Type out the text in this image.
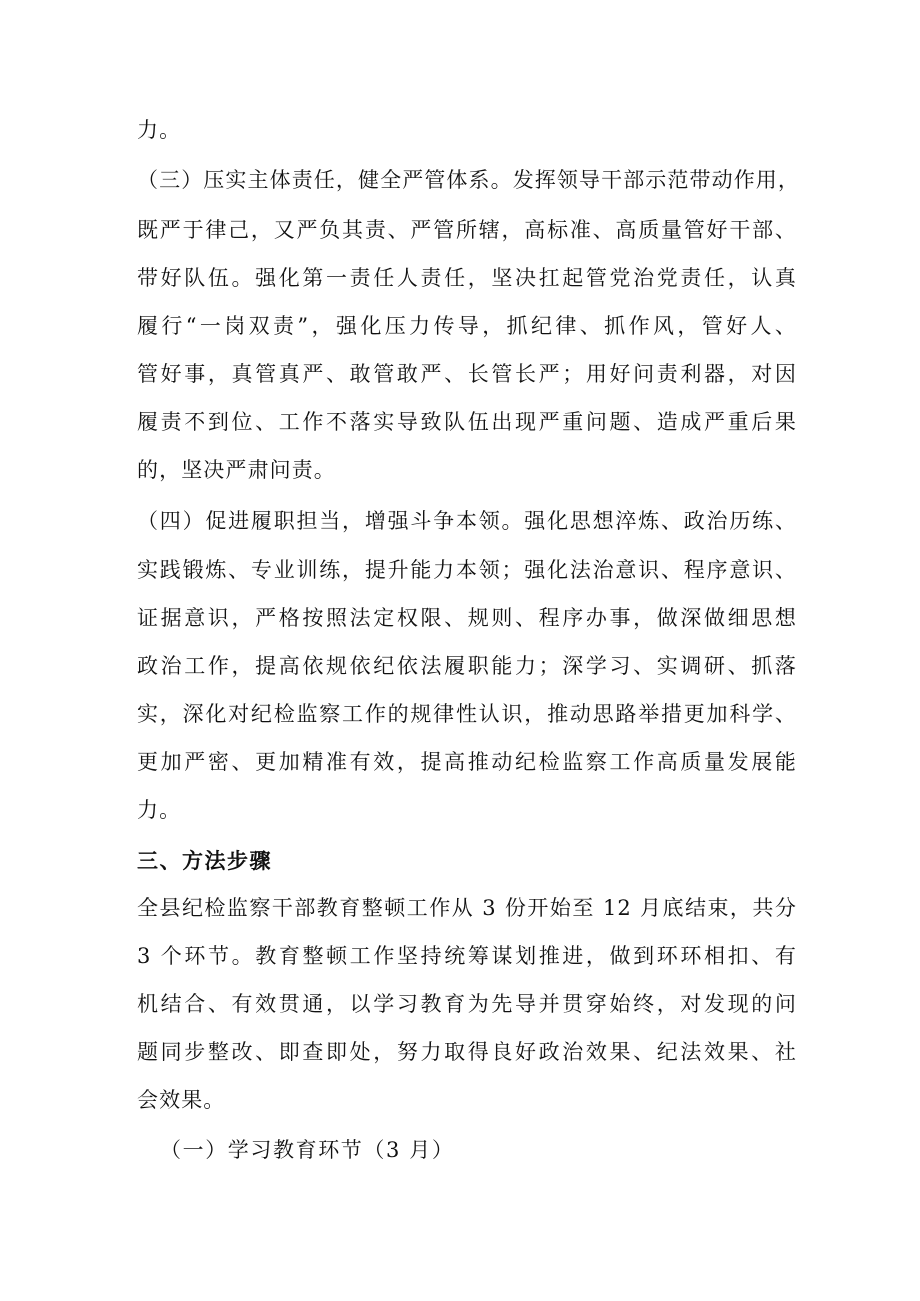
力。
（三）压实主体责任，健全严管体系。发挥领导干部示范带动作用，
既严于律己，又严负其责、严管所辖，高标准、高质量管好干部、
带好队伍。强化第一责任人责任，坚决扛起管党治党责任，认真
履行“一岗双责”，强化压力传导，抓纪律、抓作风，管好人、
管好事，真管真严、敢管敢严、长管长严；用好问责利器，对因
履责不到位、工作不落实导致队伍出现严重问题、造成严重后果
的，坚决严肃问责。
（四）促进履职担当，增强斗争本领。强化思想淬炼、政治历练、
实践锻炼、专业训练，提升能力本领；强化法治意识、程序意识、
证据意识，严格按照法定权限、规则、程序办事，做深做细思想
政治工作，提高依规依纪依法履职能力；深学习、实调研、抓落
实，深化对纪检监察工作的规律性认识，推动思路举措更加科学、
更加严密、更加精准有效，提高推动纪检监察工作高质量发展能
力。
三、方法步骤
全县纪检监察干部教育整顿工作从 3 份开始至 12 月底结束，共分
3 个环节。教育整顿工作坚持统筹谋划推进，做到环环相扣、有
机结合、有效贯通，以学习教育为先导并贯穿始终，对发现的问
题同步整改、即查即处，努力取得良好政治效果、纪法效果、社
会效果。
（一）学习教育环节（3 月）
